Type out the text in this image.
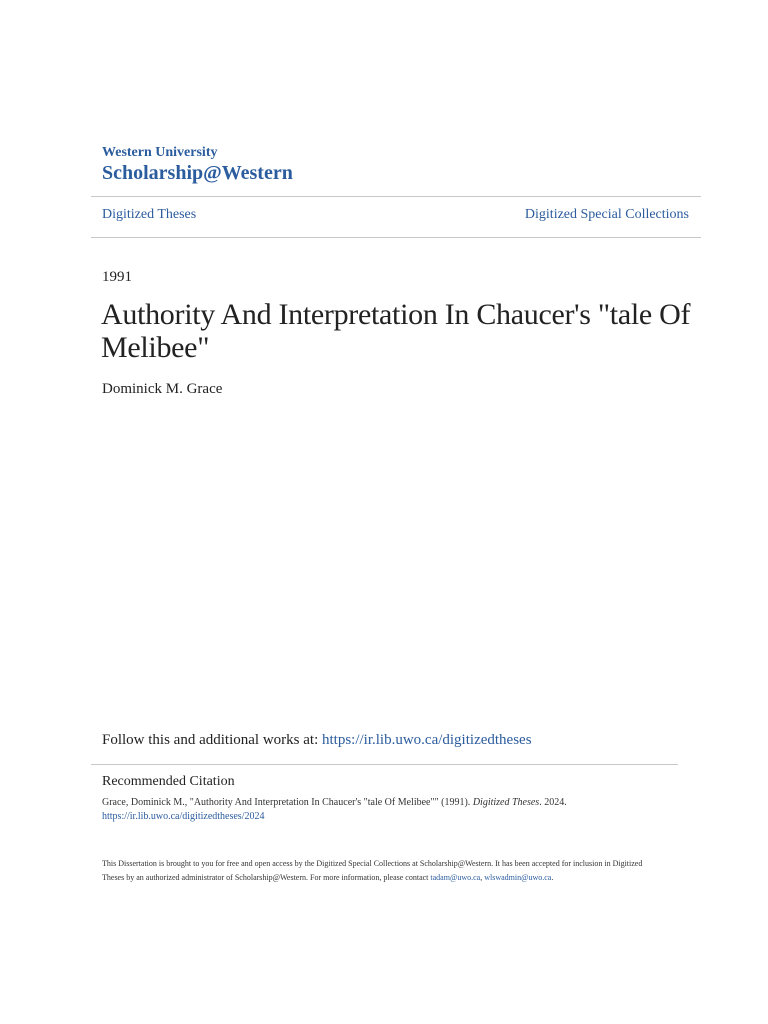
Western University
Scholarship@Western
Digitized Theses	Digitized Special Collections
1991
Authority And Interpretation In Chaucer's "tale Of Melibee"
Dominick M. Grace
Follow this and additional works at: https://ir.lib.uwo.ca/digitizedtheses
Recommended Citation
Grace, Dominick M., "Authority And Interpretation In Chaucer's "tale Of Melibee"" (1991). Digitized Theses. 2024.
https://ir.lib.uwo.ca/digitizedtheses/2024
This Dissertation is brought to you for free and open access by the Digitized Special Collections at Scholarship@Western. It has been accepted for inclusion in Digitized Theses by an authorized administrator of Scholarship@Western. For more information, please contact tadam@uwo.ca, wlswadmin@uwo.ca.
